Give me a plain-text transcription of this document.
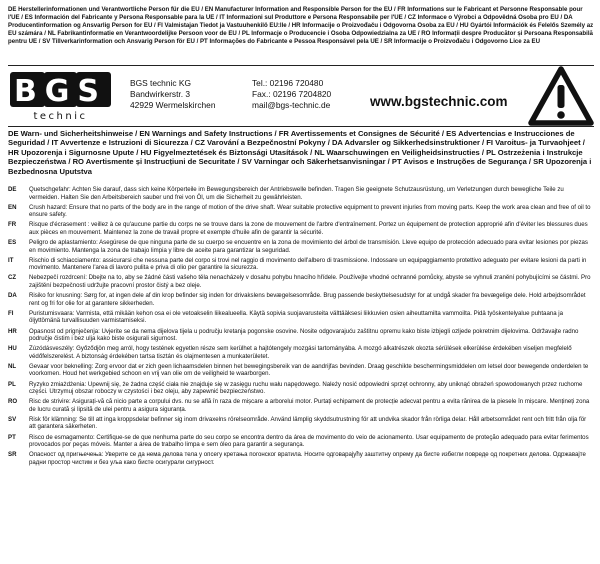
DE Herstellerinformationen und Verantwortliche Person für die EU / EN Manufacturer Information and Responsible Person for the EU / FR Informations sur le Fabricant et Personne Responsable pour l'UE / ES Información del Fabricante y Persona Responsable para la UE / IT Informazioni sul Produttore e Persona Responsabile per l'UE / CZ Informace o Výrobci a Odpovědná Osoba pro EU / DA Producentinformation og Ansvarlig Person for EU / FI Valmistajan Tiedot ja Vastuuhenkilö EU:lle / HR Informacije o Proizvođaču i Odgovorna Osoba za EU / HU Gyártói Információk és Felelős Személy az EU számára / NL Fabrikantinformatie en Verantwoordelijke Persoon voor de EU / PL Informacje o Producencie i Osoba Odpowiedzialna za UE / RO Informații despre Producător și Persoana Responsabilă pentru UE / SV Tillverkarinformation och Ansvarig Person för EU / PT Informações do Fabricante e Pessoa Responsável pela UE / SR Informacije o Proizvođaču i Odgovorno Lice za EU
BGS
technic
BGS technic KG
Bandwirkerstr. 3
42929 Wermelskirchen
Tel.: 02196 720480
Fax.: 02196 7204820
mail@bgs-technic.de	www.bgstechnic.com
DE Warn- und Sicherheitshinweise / EN Warnings and Safety Instructions / FR Avertissements et Consignes de Sécurité / ES Advertencias e Instrucciones de Seguridad / IT Avvertenze e Istruzioni di Sicurezza / CZ Varování a Bezpečnostní Pokyny / DA Advarsler og Sikkerhedsinstruktioner / FI Varoitus- ja Turvaohjeet / HR Upozorenja i Sigurnosne Upute / HU Figyelmeztetések és Biztonsági Utasítások / NL Waarschuwingen en Veiligheidsinstructies / PL Ostrzeżenia i Instrukcje Bezpieczeństwa / RO Avertismente și Instrucțiuni de Securitate / SV Varningar och Säkerhetsanvisningar / PT Avisos e Instruções de Segurança / SR Upozorenja i Bezbednosna Uputstva
DE	Quetschgefahr: Achten Sie darauf, dass sich keine Körperteile im Bewegungsbereich der Antriebswelle befinden. Tragen Sie geeignete Schutzausrüstung, um Verletzungen durch bewegliche Teile zu vermeiden. Halten Sie den Arbeitsbereich sauber und frei von Öl, um die Sicherheit zu gewährleisten.
EN	Crush hazard: Ensure that no parts of the body are in the range of motion of the drive shaft. Wear suitable protective equipment to prevent injuries from moving parts. Keep the work area clean and free of oil to ensure safety.
FR	Risque d'écrasement : veillez à ce qu'aucune partie du corps ne se trouve dans la zone de mouvement de l'arbre d'entraînement. Portez un équipement de protection approprié afin d'éviter les blessures dues aux pièces en mouvement. Maintenez la zone de travail propre et exempte d'huile afin de garantir la sécurité.
ES	Peligro de aplastamiento: Asegúrese de que ninguna parte de su cuerpo se encuentre en la zona de movimiento del árbol de transmisión. Lleve equipo de protección adecuado para evitar lesiones por piezas en movimiento. Mantenga la zona de trabajo limpia y libre de aceite para garantizar la seguridad.
IT	Rischio di schiacciamento: assicurarsi che nessuna parte del corpo si trovi nel raggio di movimento dell'albero di trasmissione. Indossare un equipaggiamento protettivo adeguato per evitare lesioni da parti in movimento. Mantenere l'area di lavoro pulita e priva di olio per garantire la sicurezza.
CZ	Nebezpečí rozdrcení: Dbejte na to, aby se žádné části vašeho těla nenacházely v dosahu pohybu hnacího hřídele. Používejte vhodné ochranné pomůcky, abyste se vyhnuli zranění pohybujícími se částmi. Pro zajištění bezpečnosti udržujte pracovní prostor čistý a bez oleje.
DA	Risiko for knusning: Sørg for, at ingen dele af din krop befinder sig inden for drivakslens bevægelsesområde. Brug passende beskyttelsesudstyr for at undgå skader fra bevægelige dele. Hold arbejdsområdet rent og fri for olie for at garantere sikkerheden.
FI	Puristumisvaara: Varmista, että mikään kehon osa ei ole vetoakselin liikealueella. Käytä sopivia suojavarusteita välttääksesi liikkuvien osien aiheuttamilta vammoilta. Pidä työskentelyalue puhtaana ja öljyttömänä turvallisuuden varmistamiseksi.
HR	Opasnost od prignječenja: Uvjerite se da nema dijelova tijela u području kretanja pogonske osovine. Nosite odgovarajuću zaštitnu opremu kako biste izbjegli ozljede pokretnim dijelovima. Održavajte radno područje čistim i bez ulja kako biste osigurali sigurnost.
HU	Zúzódásveszély: Győződjön meg arról, hogy testének egyetlen része sem kerülhet a hajtótengely mozgási tartományába. A mozgó alkatrészek okozta sérülések elkerülése érdekében viseljen megfelelő védőfelszerelést. A biztonság érdekében tartsa tisztán és olajmentesen a munkaterületet.
NL	Gevaar voor beknelling: Zorg ervoor dat er zich geen lichaamsdelen binnen het bewegingsbereik van de aandrijfas bevinden. Draag geschikte beschermingsmiddelen om letsel door bewegende onderdelen te voorkomen. Houd het werkgebied schoon en vrij van olie om de veiligheid te waarborgen.
PL	Ryzyko zmiażdżenia: Upewnij się, że żadna część ciała nie znajduje się w zasięgu ruchu wału napędowego. Należy nosić odpowiedni sprzęt ochronny, aby uniknąć obrażeń spowodowanych przez ruchome części. Utrzymuj obszar roboczy w czystości i bez oleju, aby zapewnić bezpieczeństwo.
RO	Risc de strivire: Asigurați-vă că nicio parte a corpului dvs. nu se află în raza de mișcare a arborelui motor. Purtați echipament de protecție adecvat pentru a evita rănirea de la piesele în mișcare. Mențineți zona de lucru curată și lipsită de ulei pentru a asigura siguranța.
SV	Risk för klämning: Se till att inga kroppsdelar befinner sig inom drivaxelns rörelseområde. Använd lämplig skyddsutrustning för att undvika skador från rörliga delar. Håll arbetsområdet rent och fritt från olja för att garantera säkerheten.
PT	Risco de esmagamento: Certifique-se de que nenhuma parte do seu corpo se encontra dentro da área de movimento do veio de acionamento. Usar equipamento de proteção adequado para evitar ferimentos provocados por peças móveis. Manter a área de trabalho limpa e sem óleo para garantir a segurança.
SR	Опасност од пригњечења: Уверите се да нема делова тела у опсегу кретања погонског вратила. Носите одговарајућу заштитну опрему да бисте избегли повреде од покретних делова. Одржавајте радни простор чистим и без уља како бисте осигурали сигурност.
